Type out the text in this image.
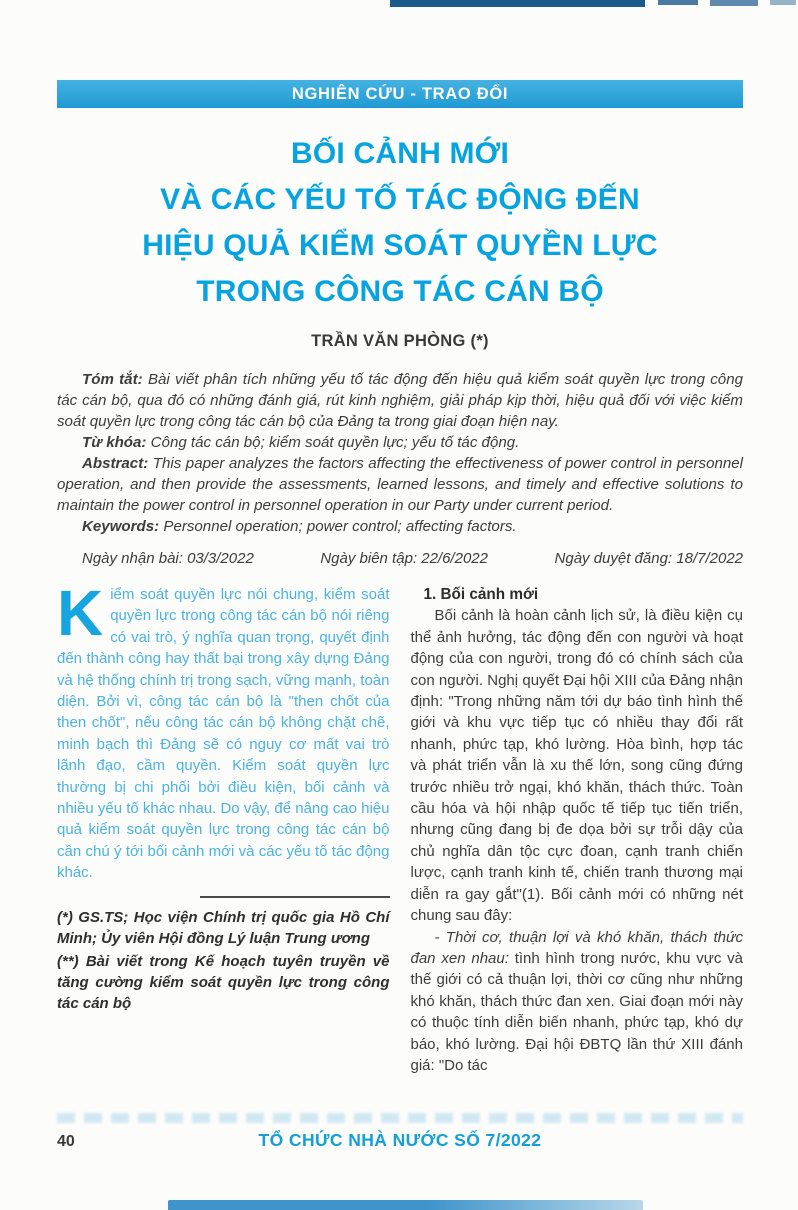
NGHIÊN CỨU - TRAO ĐỔI
BỐI CẢNH MỚI
VÀ CÁC YẾU TỐ TÁC ĐỘNG ĐẾN
HIỆU QUẢ KIỂM SOÁT QUYỀN LỰC
TRONG CÔNG TÁC CÁN BỘ
TRẦN VĂN PHÒNG (*)

Tóm tắt: Bài viết phân tích những yếu tố tác động đến hiệu quả kiểm soát quyền lực trong công tác cán bộ, qua đó có những đánh giá, rút kinh nghiệm, giải pháp kịp thời, hiệu quả đối với việc kiểm soát quyền lực trong công tác cán bộ của Đảng ta trong giai đoạn hiện nay.

Từ khóa: Công tác cán bộ; kiểm soát quyền lực; yếu tố tác động.

Abstract: This paper analyzes the factors affecting the effectiveness of power control in personnel operation, and then provide the assessments, learned lessons, and timely and effective solutions to maintain the power control in personnel operation in our Party under current period.

Keywords: Personnel operation; power control; affecting factors.

Ngày nhận bài: 03/3/2022	Ngày biên tập: 22/6/2022	Ngày duyệt đăng: 18/7/2022

K iểm soát quyền lực nói chung, kiểm soát quyền lực trong công tác cán bộ nói riêng có vai trò, ý nghĩa quan trọng, quyết định đến thành công hay thất bại trong xây dựng Đảng và hệ thống chính trị trong sạch, vững mạnh, toàn diện. Bởi vì, công tác cán bộ là "then chốt của then chốt", nếu công tác cán bộ không chặt chẽ, minh bạch thì Đảng sẽ có nguy cơ mất vai trò lãnh đạo, cầm quyền. Kiểm soát quyền lực thường bị chi phối bởi điều kiện, bối cảnh và nhiều yếu tố khác nhau. Do vậy, để nâng cao hiệu quả kiểm soát quyền lực trong công tác cán bộ cần chú ý tới bối cảnh mới và các yếu tố tác động khác.

(*) GS.TS; Học viện Chính trị quốc gia Hồ Chí Minh; Ủy viên Hội đồng Lý luận Trung ương

(**) Bài viết trong Kế hoạch tuyên truyền về tăng cường kiểm soát quyền lực trong công tác cán bộ

1. Bối cảnh mới

Bối cảnh là hoàn cảnh lịch sử, là điều kiện cụ thể ảnh hưởng, tác động đến con người và hoạt động của con người, trong đó có chính sách của con người. Nghị quyết Đại hội XIII của Đảng nhận định: "Trong những năm tới dự báo tình hình thế giới và khu vực tiếp tục có nhiều thay đổi rất nhanh, phức tạp, khó lường. Hòa bình, hợp tác và phát triển vẫn là xu thế lớn, song cũng đứng trước nhiều trở ngại, khó khăn, thách thức. Toàn cầu hóa và hội nhập quốc tế tiếp tục tiến triển, nhưng cũng đang bị đe dọa bởi sự trỗi dậy của chủ nghĩa dân tộc cực đoan, cạnh tranh chiến lược, cạnh tranh kinh tế, chiến tranh thương mại diễn ra gay gắt"(1). Bối cảnh mới có những nét chung sau đây:

- Thời cơ, thuận lợi và khó khăn, thách thức đan xen nhau: tình hình trong nước, khu vực và thế giới có cả thuận lợi, thời cơ cũng như những khó khăn, thách thức đan xen. Giai đoạn mới này có thuộc tính diễn biến nhanh, phức tạp, khó dự báo, khó lường. Đại hội ĐBTQ lần thứ XIII đánh giá: "Do tác

40	TỔ CHỨC NHÀ NƯỚC SỐ 7/2022
